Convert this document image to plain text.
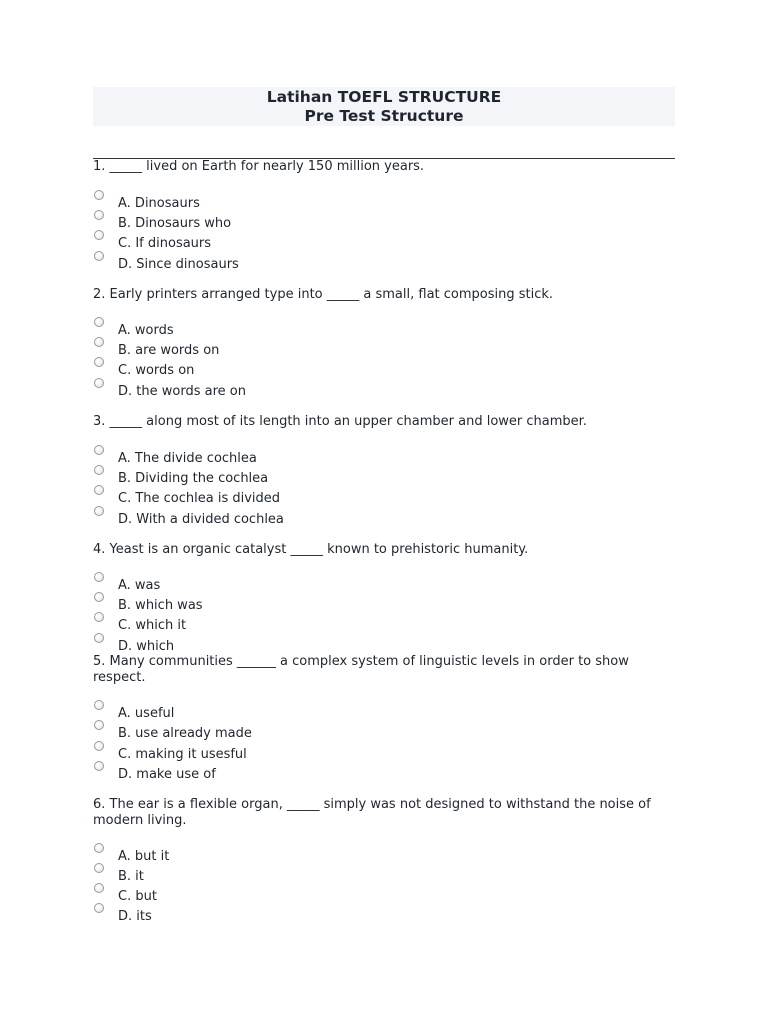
Latihan TOEFL STRUCTURE
Pre Test Structure
1. _____ lived on Earth for nearly 150 million years.
A. Dinosaurs
B. Dinosaurs who
C. If dinosaurs
D. Since dinosaurs
2. Early printers arranged type into _____ a small, flat composing stick.
A. words
B. are words on
C. words on
D. the words are on
3. _____ along most of its length into an upper chamber and lower chamber.
A. The divide cochlea
B. Dividing the cochlea
C. The cochlea is divided
D. With a divided cochlea
4. Yeast is an organic catalyst _____ known to prehistoric humanity.
A. was
B. which was
C. which it
D. which
5. Many communities ______ a complex system of linguistic levels in order to show respect.
A. useful
B. use already made
C. making it usesful
D. make use of
6. The ear is a flexible organ, _____ simply was not designed to withstand the noise of modern living.
A. but it
B. it
C. but
D. its
